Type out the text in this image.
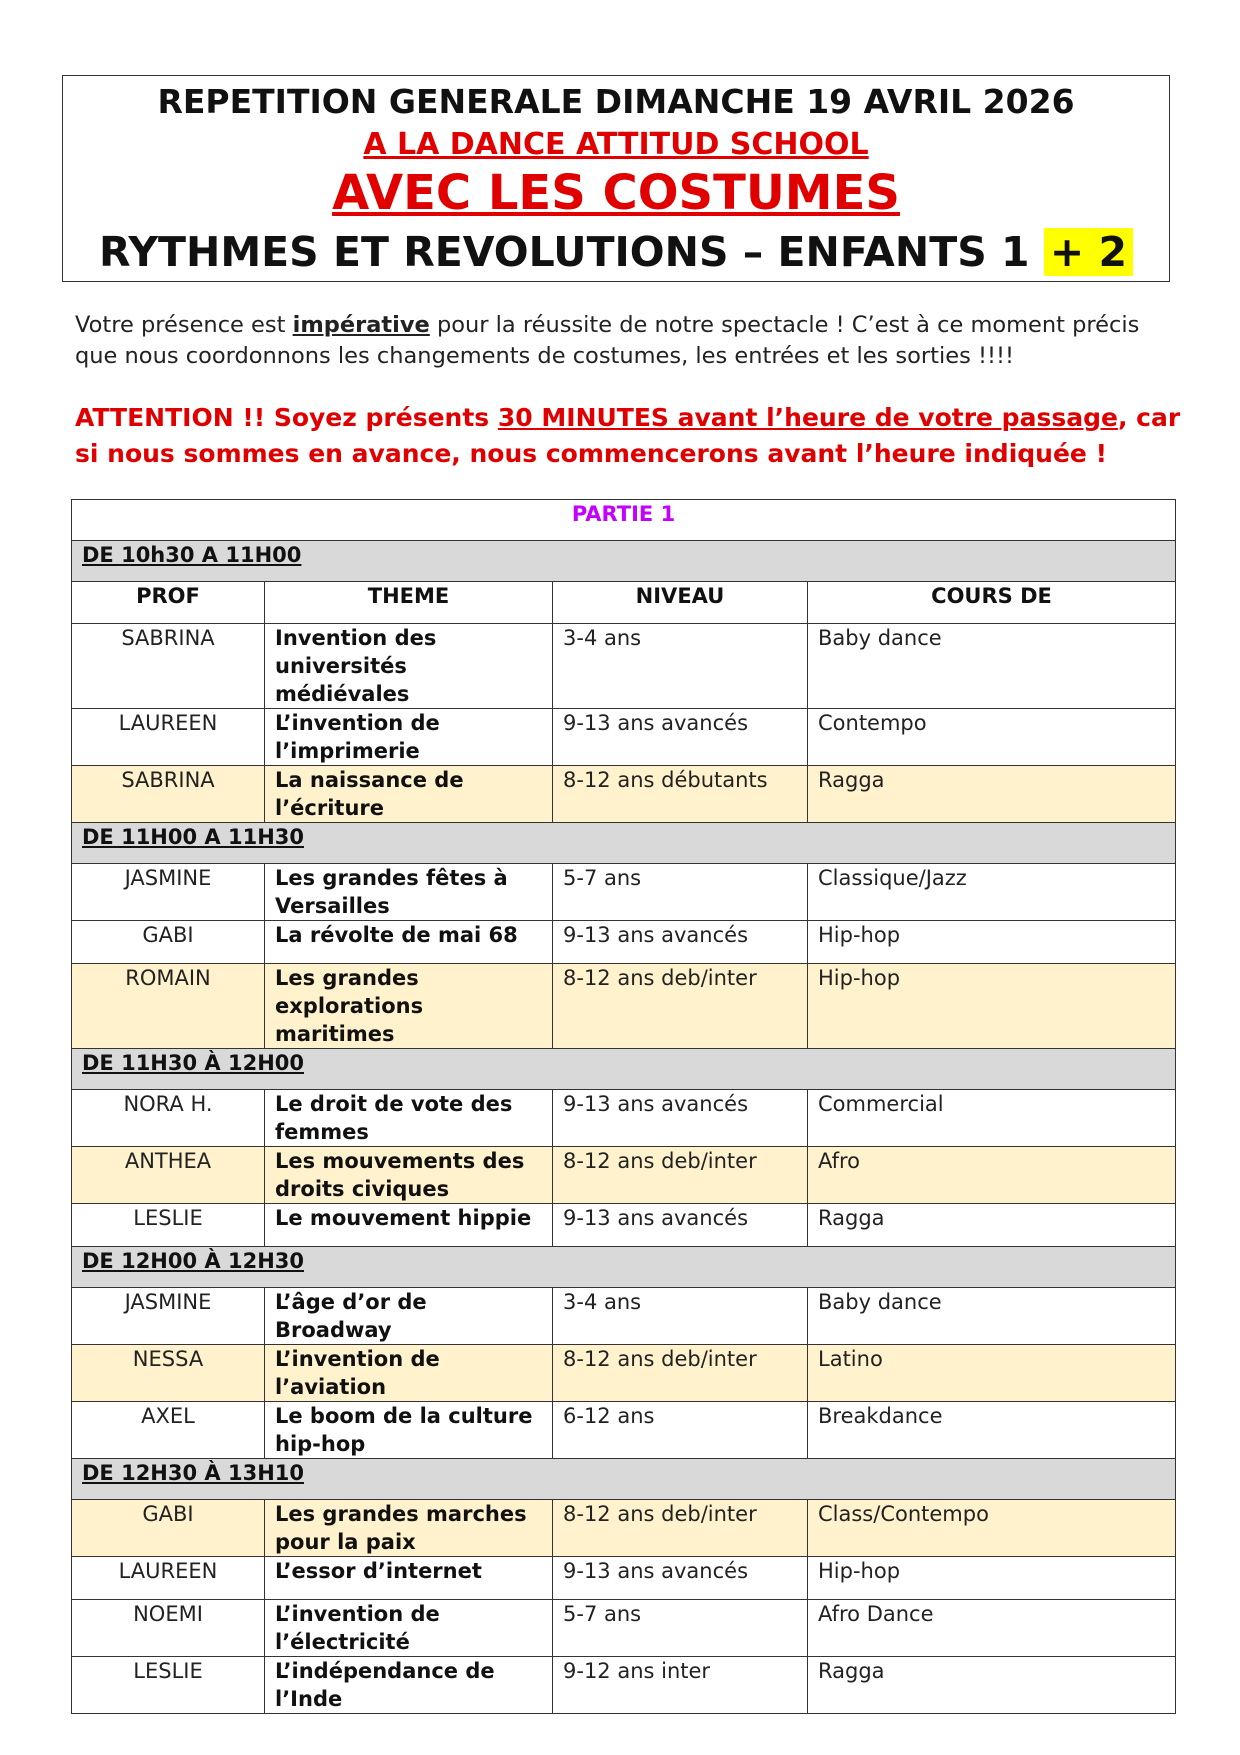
REPETITION GENERALE DIMANCHE 19 AVRIL 2026
A LA DANCE ATTITUD SCHOOL
AVEC LES COSTUMES
RYTHMES ET REVOLUTIONS – ENFANTS 1 + 2
Votre présence est impérative pour la réussite de notre spectacle ! C’est à ce moment précis que nous coordonnons les changements de costumes, les entrées et les sorties !!!!
ATTENTION !! Soyez présents 30 MINUTES avant l’heure de votre passage, car si nous sommes en avance, nous commencerons avant l’heure indiquée !
PARTIE 1			
DE 10h30 A 11H00			
PROF	THEME	NIVEAU	COURS DE
SABRINA	Invention des universités médiévales	3-4 ans	Baby dance
LAUREEN	L’invention de l’imprimerie	9-13 ans avancés	Contempo
SABRINA	La naissance de l’écriture	8-12 ans débutants	Ragga
DE 11H00 A 11H30			
JASMINE	Les grandes fêtes à Versailles	5-7 ans	Classique/Jazz
GABI	La révolte de mai 68	9-13 ans avancés	Hip-hop
ROMAIN	Les grandes explorations maritimes	8-12 ans deb/inter	Hip-hop
DE 11H30 À 12H00			
NORA H.	Le droit de vote des femmes	9-13 ans avancés	Commercial
ANTHEA	Les mouvements des droits civiques	8-12 ans deb/inter	Afro
LESLIE	Le mouvement hippie	9-13 ans avancés	Ragga
DE 12H00 À 12H30			
JASMINE	L’âge d’or de Broadway	3-4 ans	Baby dance
NESSA	L’invention de l’aviation	8-12 ans deb/inter	Latino
AXEL	Le boom de la culture hip-hop	6-12 ans	Breakdance
DE 12H30 À 13H10			
GABI	Les grandes marches pour la paix	8-12 ans deb/inter	Class/Contempo
LAUREEN	L’essor d’internet	9-13 ans avancés	Hip-hop
NOEMI	L’invention de l’électricité	5-7 ans	Afro Dance
LESLIE	L’indépendance de l’Inde	9-12 ans inter	Ragga
